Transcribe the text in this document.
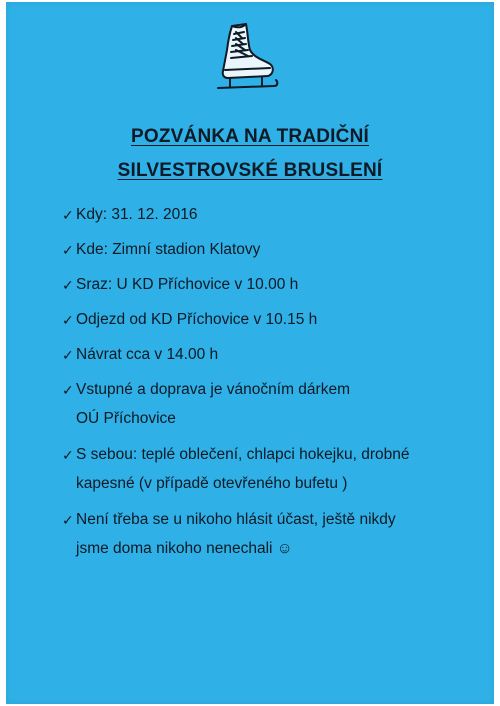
POZVÁNKA NA TRADIČNÍ
SILVESTROVSKÉ BRUSLENÍ
✓ Kdy: 31. 12. 2016
✓ Kde: Zimní stadion Klatovy
✓ Sraz: U KD Příchovice v 10.00 h
✓ Odjezd od KD Příchovice v 10.15 h
✓ Návrat cca v 14.00 h
✓ Vstupné a doprava je vánočním dárkem
OÚ Příchovice
✓ S sebou: teplé oblečení, chlapci hokejku, drobné
kapesné (v případě otevřeného bufetu )
✓ Není třeba se u nikoho hlásit účast, ještě nikdy
jsme doma nikoho nenechali ☺
